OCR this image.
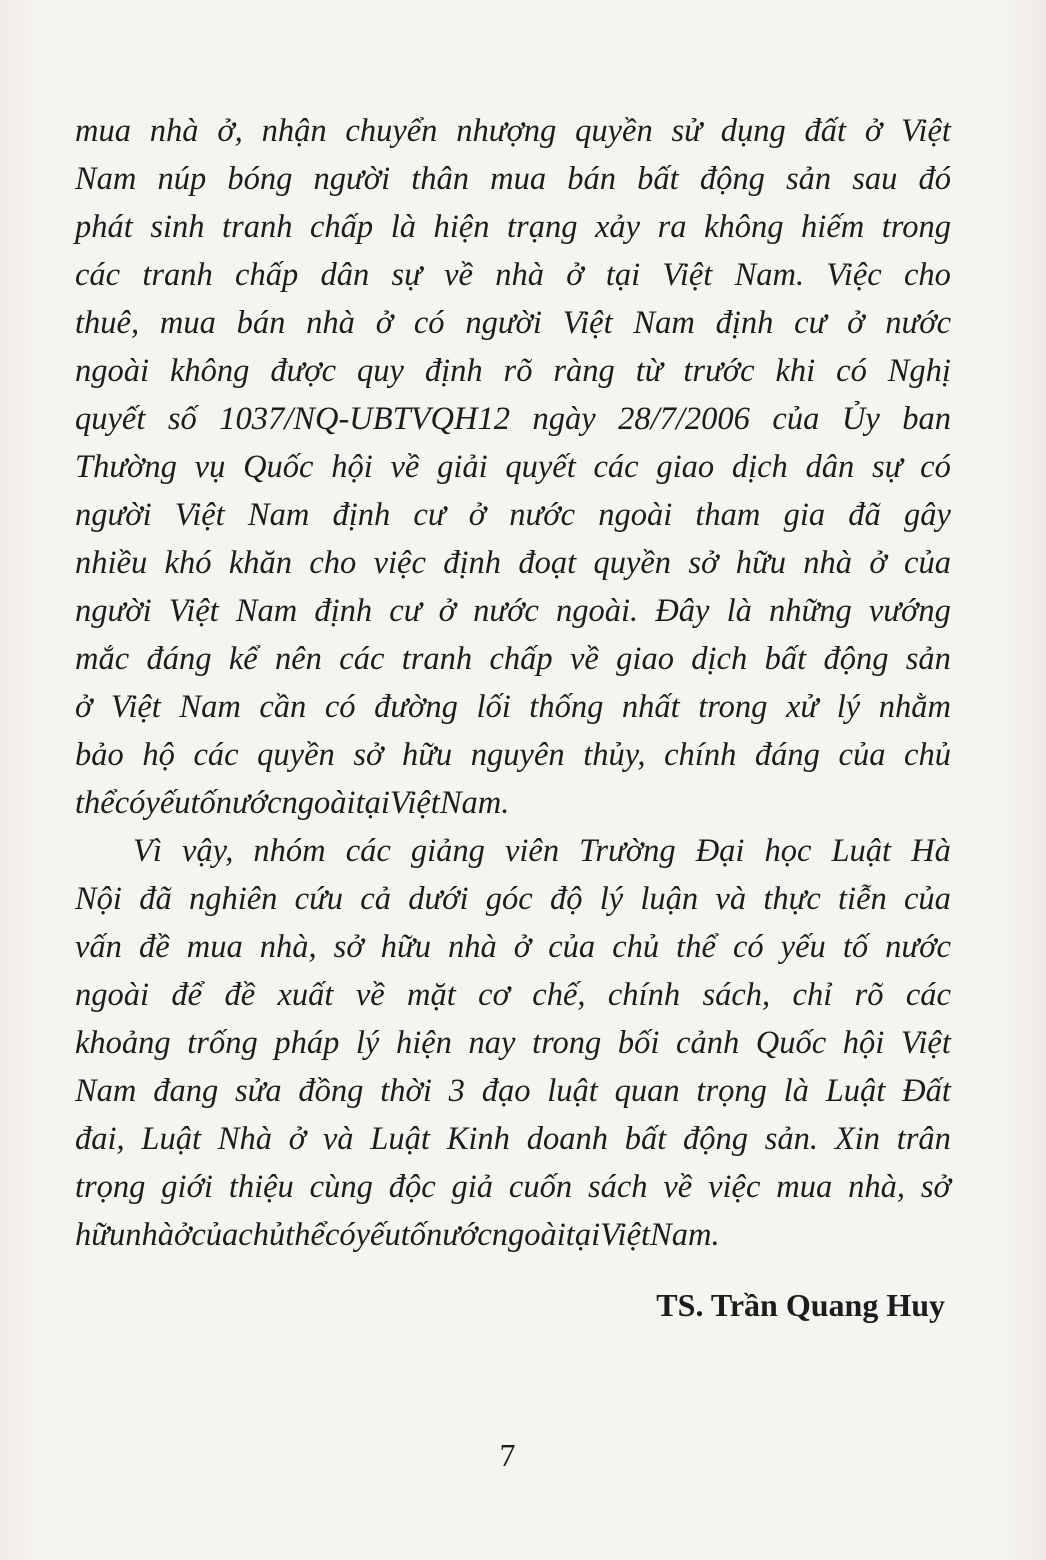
mua nhà ở, nhận chuyển nhượng quyền sử dụng đất ở Việt
Nam núp bóng người thân mua bán bất động sản sau đó
phát sinh tranh chấp là hiện trạng xảy ra không hiếm trong
các tranh chấp dân sự về nhà ở tại Việt Nam. Việc cho
thuê, mua bán nhà ở có người Việt Nam định cư ở nước
ngoài không được quy định rõ ràng từ trước khi có Nghị
quyết số 1037/NQ-UBTVQH12 ngày 28/7/2006 của Ủy ban
Thường vụ Quốc hội về giải quyết các giao dịch dân sự có
người Việt Nam định cư ở nước ngoài tham gia đã gây
nhiều khó khăn cho việc định đoạt quyền sở hữu nhà ở của
người Việt Nam định cư ở nước ngoài. Đây là những vướng
mắc đáng kể nên các tranh chấp về giao dịch bất động sản
ở Việt Nam cần có đường lối thống nhất trong xử lý nhằm
bảo hộ các quyền sở hữu nguyên thủy, chính đáng của chủ
thể có yếu tố nước ngoài tại Việt Nam.
Vì vậy, nhóm các giảng viên Trường Đại học Luật Hà
Nội đã nghiên cứu cả dưới góc độ lý luận và thực tiễn của
vấn đề mua nhà, sở hữu nhà ở của chủ thể có yếu tố nước
ngoài để đề xuất về mặt cơ chế, chính sách, chỉ rõ các
khoảng trống pháp lý hiện nay trong bối cảnh Quốc hội Việt
Nam đang sửa đồng thời 3 đạo luật quan trọng là Luật Đất
đai, Luật Nhà ở và Luật Kinh doanh bất động sản. Xin trân
trọng giới thiệu cùng độc giả cuốn sách về việc mua nhà, sở
hữu nhà ở của chủ thể có yếu tố nước ngoài tại Việt Nam.
TS. Trần Quang Huy
7
